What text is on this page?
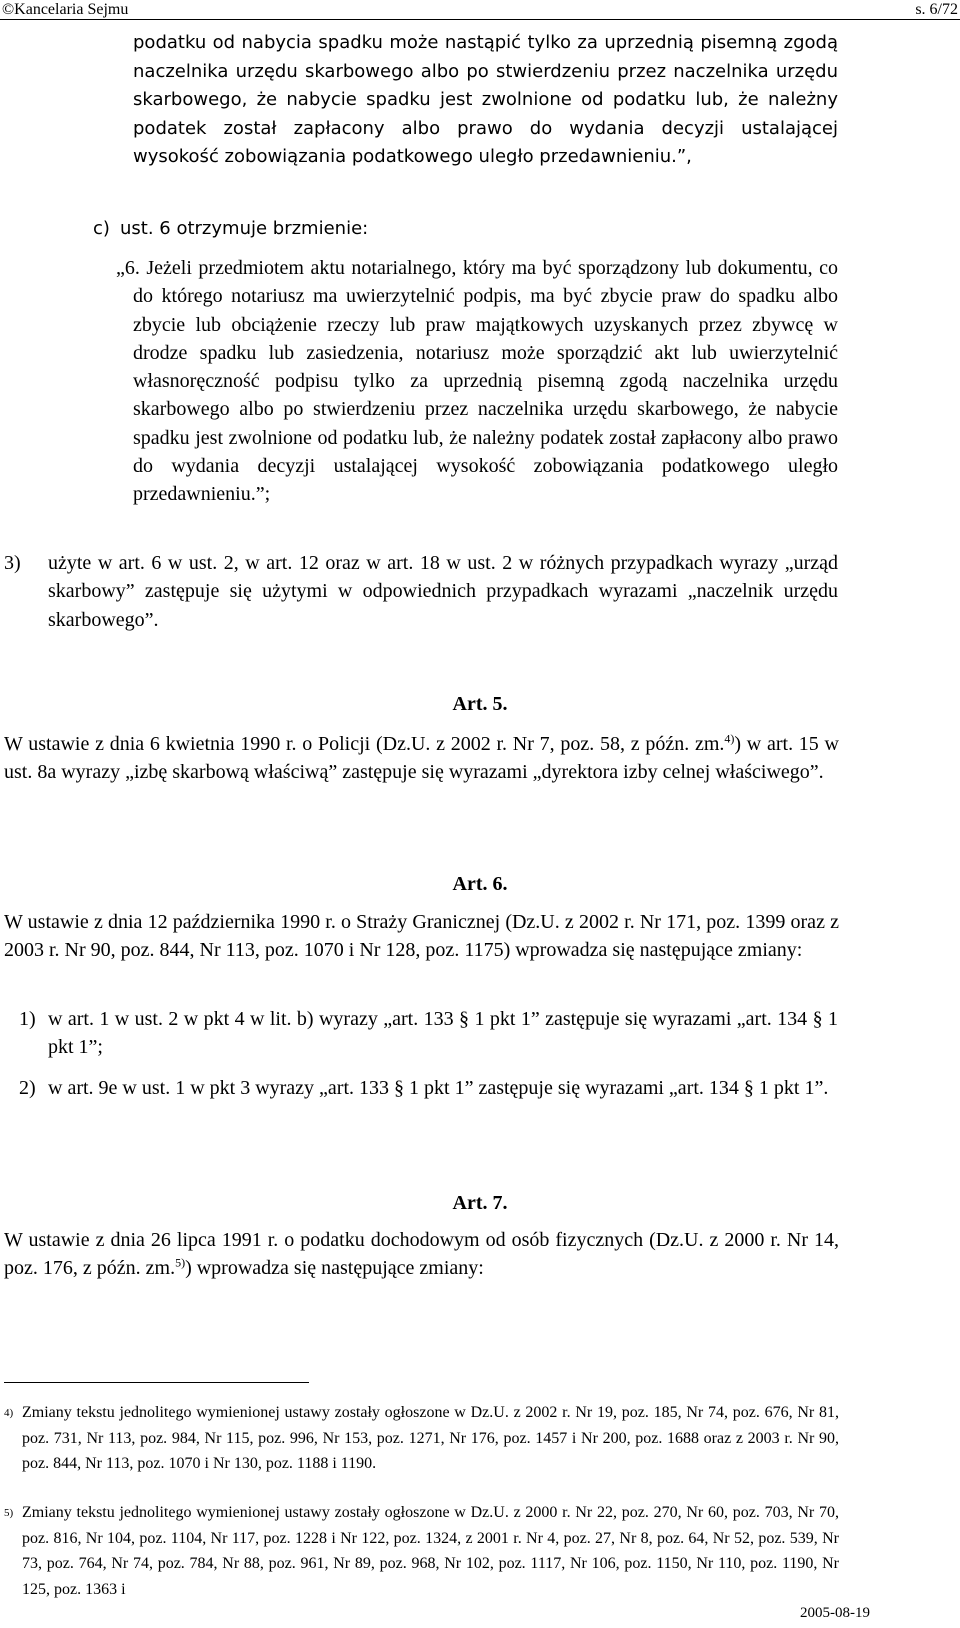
©Kancelaria Sejmu	s. 6/72

podatku od nabycia spadku może nastąpić tylko za uprzednią pisemną zgodą naczelnika urzędu skarbowego albo po stwierdzeniu przez naczelnika urzędu skarbowego, że nabycie spadku jest zwolnione od podatku lub, że należny podatek został zapłacony albo prawo do wydania decyzji ustalającej wysokość zobowiązania podatkowego uległo przedawnieniu.”,

c) ust. 6 otrzymuje brzmienie:

„6. Jeżeli przedmiotem aktu notarialnego, który ma być sporządzony lub dokumentu, co do którego notariusz ma uwierzytelnić podpis, ma być zbycie praw do spadku albo zbycie lub obciążenie rzeczy lub praw majątkowych uzyskanych przez zbywcę w drodze spadku lub zasiedzenia, notariusz może sporządzić akt lub uwierzytelnić własnoręczność podpisu tylko za uprzednią pisemną zgodą naczelnika urzędu skarbowego albo po stwierdzeniu przez naczelnika urzędu skarbowego, że nabycie spadku jest zwolnione od podatku lub, że należny podatek został zapłacony albo prawo do wydania decyzji ustalającej wysokość zobowiązania podatkowego uległo przedawnieniu.”;

3) użyte w art. 6 w ust. 2, w art. 12 oraz w art. 18 w ust. 2 w różnych przypadkach wyrazy „urząd skarbowy” zastępuje się użytymi w odpowiednich przypadkach wyrazami „naczelnik urzędu skarbowego”.

Art. 5.

W ustawie z dnia 6 kwietnia 1990 r. o Policji (Dz.U. z 2002 r. Nr 7, poz. 58, z późn. zm.$^{4)}$) w art. 15 w ust. 8a wyrazy „izbę skarbową właściwą” zastępuje się wyrazami „dyrektora izby celnej właściwego”.

Art. 6.

W ustawie z dnia 12 października 1990 r. o Straży Granicznej (Dz.U. z 2002 r. Nr 171, poz. 1399 oraz z 2003 r. Nr 90, poz. 844, Nr 113, poz. 1070 i Nr 128, poz. 1175) wprowadza się następujące zmiany:

1) w art. 1 w ust. 2 w pkt 4 w lit. b) wyrazy „art. 133 § 1 pkt 1” zastępuje się wyrazami „art. 134 § 1 pkt 1”;

2) w art. 9e w ust. 1 w pkt 3 wyrazy „art. 133 § 1 pkt 1” zastępuje się wyrazami „art. 134 § 1 pkt 1”.

Art. 7.

W ustawie z dnia 26 lipca 1991 r. o podatku dochodowym od osób fizycznych (Dz.U. z 2000 r. Nr 14, poz. 176, z późn. zm.$^{5)}$) wprowadza się następujące zmiany:

4) Zmiany tekstu jednolitego wymienionej ustawy zostały ogłoszone w Dz.U. z 2002 r. Nr 19, poz. 185, Nr 74, poz. 676, Nr 81, poz. 731, Nr 113, poz. 984, Nr 115, poz. 996, Nr 153, poz. 1271, Nr 176, poz. 1457 i Nr 200, poz. 1688 oraz z 2003 r. Nr 90, poz. 844, Nr 113, poz. 1070 i Nr 130, poz. 1188 i 1190.

5) Zmiany tekstu jednolitego wymienionej ustawy zostały ogłoszone w Dz.U. z 2000 r. Nr 22, poz. 270, Nr 60, poz. 703, Nr 70, poz. 816, Nr 104, poz. 1104, Nr 117, poz. 1228 i Nr 122, poz. 1324, z 2001 r. Nr 4, poz. 27, Nr 8, poz. 64, Nr 52, poz. 539, Nr 73, poz. 764, Nr 74, poz. 784, Nr 88, poz. 961, Nr 89, poz. 968, Nr 102, poz. 1117, Nr 106, poz. 1150, Nr 110, poz. 1190, Nr 125, poz. 1363 i

2005-08-19
